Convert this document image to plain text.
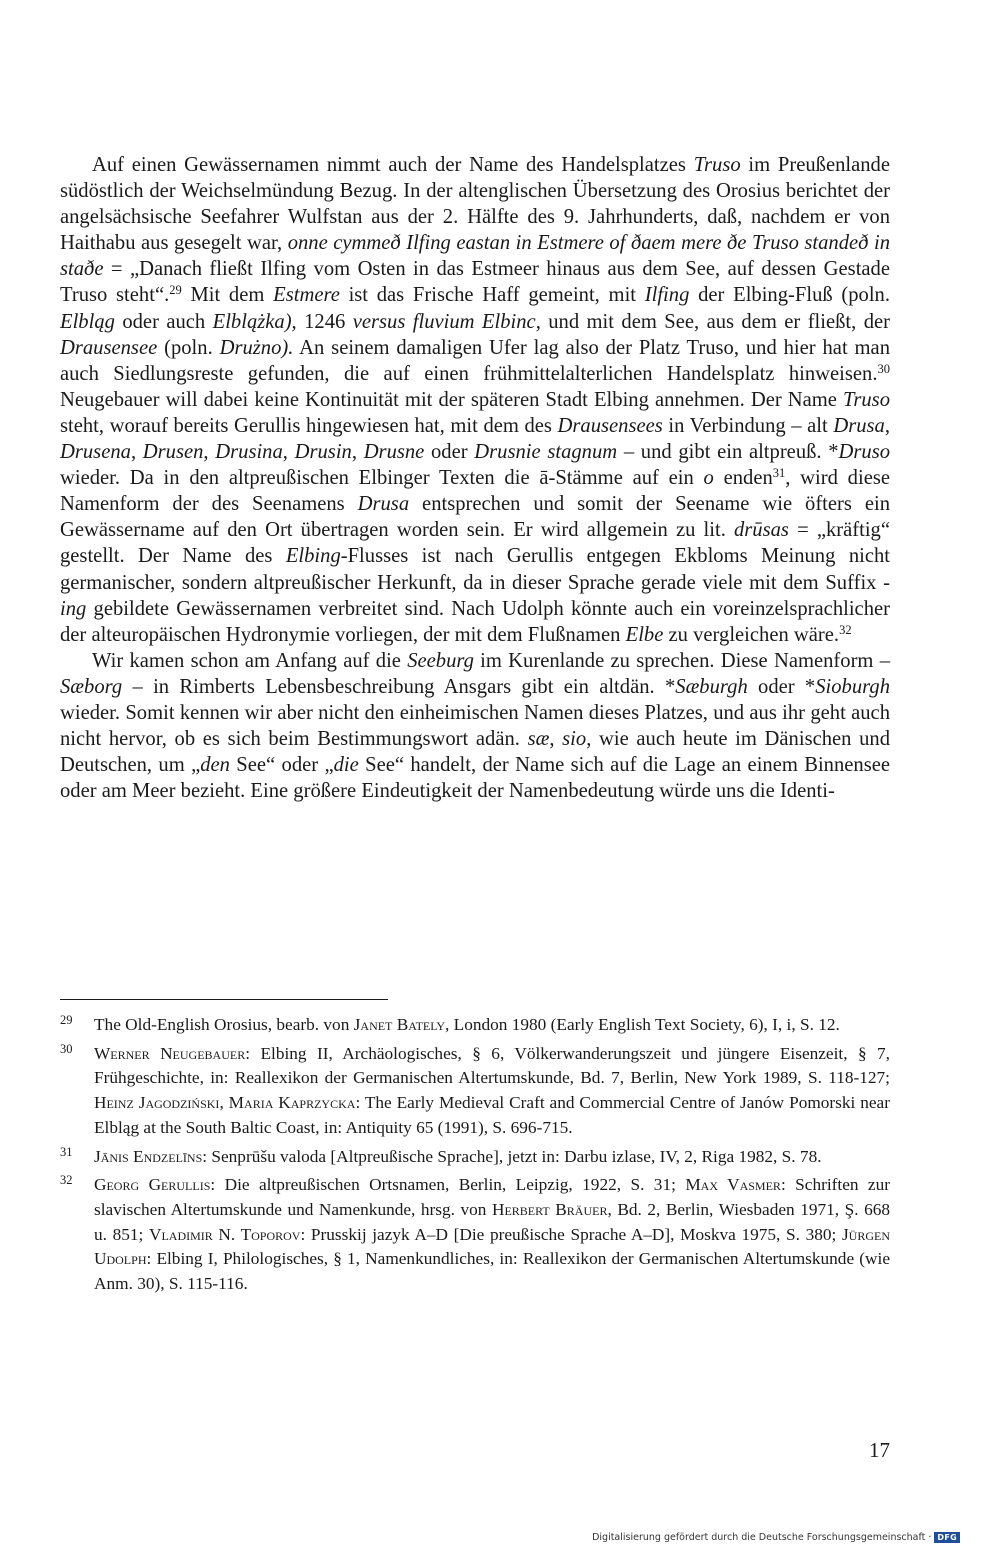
Auf einen Gewässernamen nimmt auch der Name des Handelsplatzes Truso im Preußenlande südöstlich der Weichselmündung Bezug. In der altenglischen Übersetzung des Orosius berichtet der angelsächsische Seefahrer Wulfstan aus der 2. Hälfte des 9. Jahrhunderts, daß, nachdem er von Haithabu aus gesegelt war, onne cymmeð Ilfing eastan in Estmere of ðaem mere ðe Truso standeð in staðe = „Danach fließt Ilfing vom Osten in das Estmeer hinaus aus dem See, auf dessen Gestade Truso steht“.$^{29}$ Mit dem Estmere ist das Frische Haff gemeint, mit Ilfing der Elbing-Fluß (poln. Elbląg oder auch Elblążka), 1246 versus fluvium Elbinc, und mit dem See, aus dem er fließt, der Drausensee (poln. Drużno). An seinem damaligen Ufer lag also der Platz Truso, und hier hat man auch Siedlungsreste gefunden, die auf einen frühmittelalterlichen Handelsplatz hinweisen.$^{30}$ Neugebauer will dabei keine Kontinuität mit der späteren Stadt Elbing annehmen. Der Name Truso steht, worauf bereits Gerullis hingewiesen hat, mit dem des Drausensees in Verbindung – alt Drusa, Drusena, Drusen, Drusina, Drusin, Drusne oder Drusnie stagnum – und gibt ein altpreuß. *Druso wieder. Da in den altpreußischen Elbinger Texten die ā-Stämme auf ein o enden$^{31}$, wird diese Namenform der des Seenamens Drusa entsprechen und somit der Seename wie öfters ein Gewässername auf den Ort übertragen worden sein. Er wird allgemein zu lit. drūsas = „kräftig“ gestellt. Der Name des Elbing-Flusses ist nach Gerullis entgegen Ekbloms Meinung nicht germanischer, sondern altpreußischer Herkunft, da in dieser Sprache gerade viele mit dem Suffix -ing gebildete Gewässernamen verbreitet sind. Nach Udolph könnte auch ein voreinzelsprachlicher der alteuropäischen Hydronymie vorliegen, der mit dem Flußnamen Elbe zu vergleichen wäre.$^{32}$

Wir kamen schon am Anfang auf die Seeburg im Kurenlande zu sprechen. Diese Namenform – Sæborg – in Rimberts Lebensbeschreibung Ansgars gibt ein altdän. *Sæburgh oder *Sioburgh wieder. Somit kennen wir aber nicht den einheimischen Namen dieses Platzes, und aus ihr geht auch nicht hervor, ob es sich beim Bestimmungswort adän. sæ, sio, wie auch heute im Dänischen und Deutschen, um „den See“ oder „die See“ handelt, der Name sich auf die Lage an einem Binnensee oder am Meer bezieht. Eine größere Eindeutigkeit der Namenbedeutung würde uns die Identi-

29 The Old-English Orosius, bearb. von Janet Bately, London 1980 (Early English Text Society, 6), I, i, S. 12.
30 Werner Neugebauer: Elbing II, Archäologisches, § 6, Völkerwanderungszeit und jüngere Eisenzeit, § 7, Frühgeschichte, in: Reallexikon der Germanischen Altertumskunde, Bd. 7, Berlin, New York 1989, S. 118-127; Heinz Jagodziński, Maria Kaprzycka: The Early Medieval Craft and Commercial Centre of Janów Pomorski near Elbląg at the South Baltic Coast, in: Antiquity 65 (1991), S. 696-715.
31 Jānis Endzelīns: Senprūšu valoda [Altpreußische Sprache], jetzt in: Darbu izlase, IV, 2, Riga 1982, S. 78.
32 Georg Gerullis: Die altpreußischen Ortsnamen, Berlin, Leipzig, 1922, S. 31; Max Vasmer: Schriften zur slavischen Altertumskunde und Namenkunde, hrsg. von Herbert Bräuer, Bd. 2, Berlin, Wiesbaden 1971, Ş. 668 u. 851; Vladimir N. Toporov: Prusskij jazyk A–D [Die preußische Sprache A–D], Moskva 1975, S. 380; Jürgen Udolph: Elbing I, Philologisches, § 1, Namenkundliches, in: Reallexikon der Germanischen Altertumskunde (wie Anm. 30), S. 115-116.
17
Digitalisierung gefördert durch die Deutsche Forschungsgemeinschaft · DFG
